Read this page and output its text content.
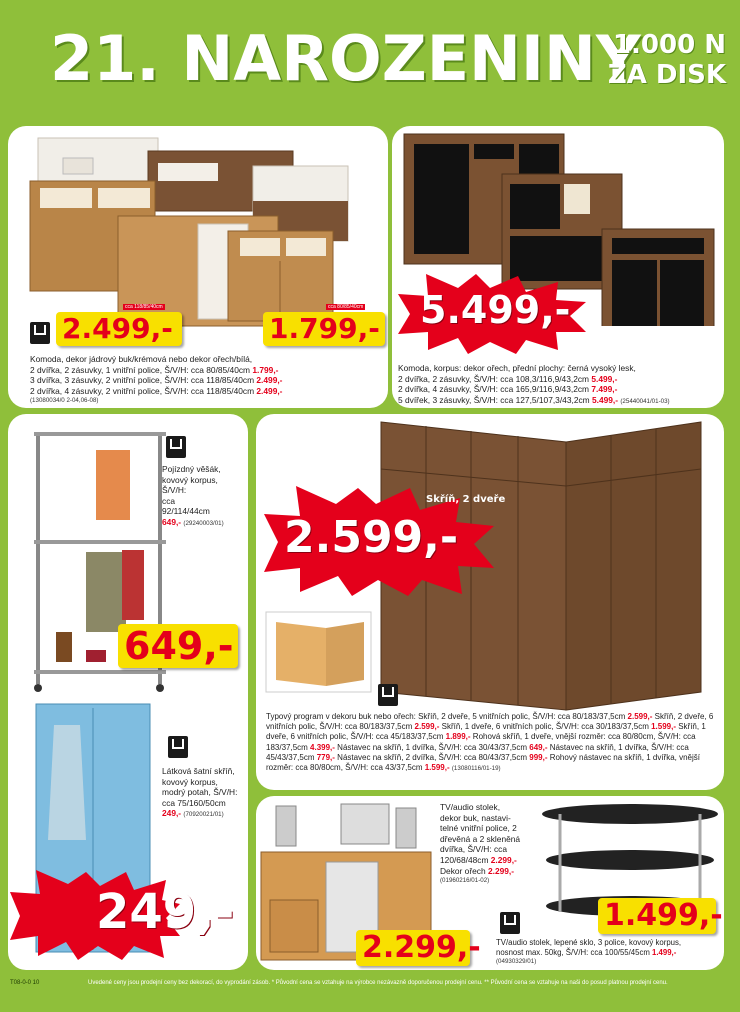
21. NAROZENINY
1.000 N
ZA DISK
cca 118/85/40cm	cca 80/85/40cm
2.499,-	1.799,-
Komoda, dekor jádrový buk/krémová nebo dekor ořech/bílá,
2 dvířka, 2 zásuvky, 1 vnitřní police, Š/V/H: cca 80/85/40cm 1.799,-
3 dvířka, 3 zásuvky, 2 vnitřní police, Š/V/H: cca 118/85/40cm 2.499,-
2 dvířka, 4 zásuvky, 2 vnitřní police, Š/V/H: cca 118/85/40cm 2.499,-
(13080034/0 2-04,06-08)
5.499,-
Komoda, korpus: dekor ořech, přední plochy: černá vysoký lesk,
2 dvířka, 2 zásuvky, Š/V/H: cca 108,3/116,9/43,2cm 5.499,-
2 dvířka, 4 zásuvky, Š/V/H: cca 165,9/116,9/43,2cm 7.499,-
5 dvířek, 3 zásuvky, Š/V/H: cca 127,5/107,3/43,2cm 5.499,- (25440041/01-03)
Pojízdný věšák,
kovový korpus,
Š/V/H:
cca
92/114/44cm
649,- (29240003/01)
649,-
Látková šatní skříň,
kovový korpus,
modrý potah, Š/V/H:
cca 75/160/50cm
249,- (70920021/01)
249,-
Skříň, 2 dveře
2.599,-
Typový program v dekoru buk nebo ořech: Skříň, 2 dveře, 5 vnitřních polic, Š/V/H: cca 80/183/37,5cm 2.599,- Skříň, 2 dveře, 6 vnitřních polic, Š/V/H: cca 80/183/37,5cm 2.599,- Skříň, 1 dveře, 6 vnitřních polic, Š/V/H: cca 30/183/37,5cm 1.599,- Skříň, 1 dveře, 6 vnitřních polic, Š/V/H: cca 45/183/37,5cm 1.899,- Rohová skříň, 1 dveře, vnější rozměr: cca 80/80cm, Š/V/H: cca 183/37,5cm 4.399,- Nástavec na skříň, 1 dvířka, Š/V/H: cca 30/43/37,5cm 649,- Nástavec na skříň, 1 dvířka, Š/V/H: cca 45/43/37,5cm 779,- Nástavec na skříň, 2 dvířka, Š/V/H: cca 80/43/37,5cm 999,- Rohový nástavec na skříň, 1 dvířka, vnější rozměr: cca 80/80cm, Š/V/H: cca 43/37,5cm 1.599,- (13080116/01-19)
TV/audio stolek,
dekor buk, nastavi-
telné vnitřní police, 2
dřevěná a 2 skleněná
dvířka, Š/V/H: cca
120/68/48cm 2.299,-
Dekor ořech 2.299,-
(01960216/01-02)
2.299,-
1.499,-
TV/audio stolek, lepené sklo, 3 police, kovový korpus,
nosnost max. 50kg, Š/V/H: cca 100/55/45cm 1.499,-
(04930329/01)
T08-0-0 10	Uvedené ceny jsou prodejní ceny bez dekorací, do vyprodání zásob. * Původní cena se vztahuje na výrobce nezávazně doporučenou prodejní cenu. ** Původní cena se vztahuje na naši do posud platnou prodejní cenu.
